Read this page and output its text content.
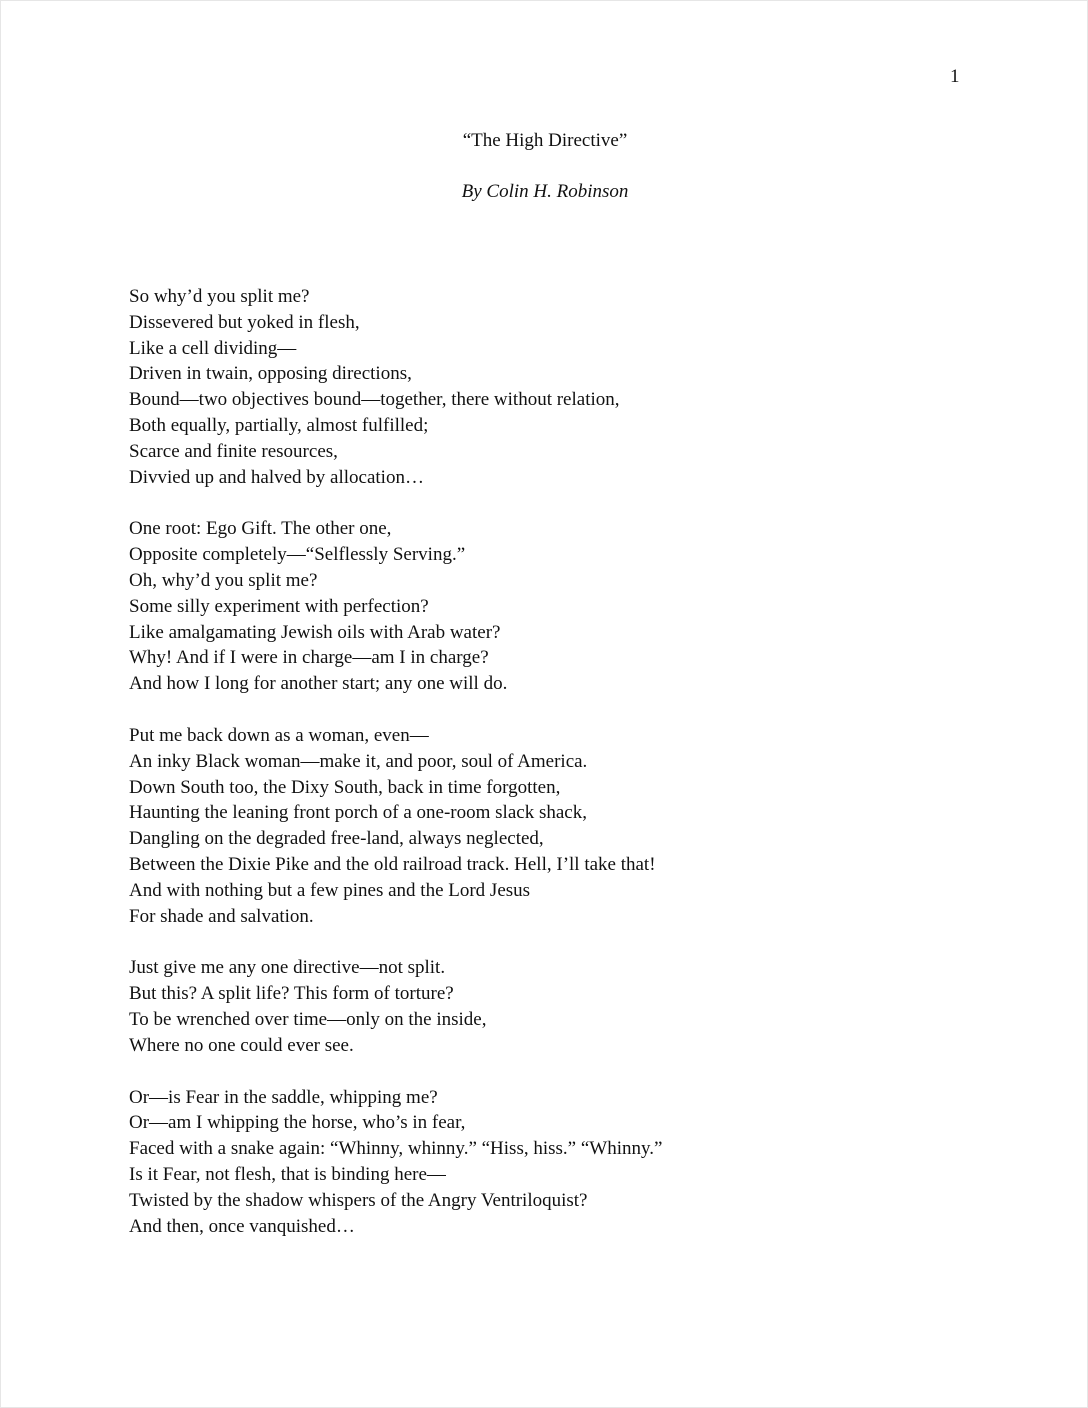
1
“The High Directive”
By Colin H. Robinson
So why’d you split me?
Dissevered but yoked in flesh,
Like a cell dividing—
Driven in twain, opposing directions,
Bound—two objectives bound—together, there without relation,
Both equally, partially, almost fulfilled;
Scarce and finite resources,
Divvied up and halved by allocation…
One root: Ego Gift. The other one,
Opposite completely—“Selflessly Serving.”
Oh, why’d you split me?
Some silly experiment with perfection?
Like amalgamating Jewish oils with Arab water?
Why! And if I were in charge—am I in charge?
And how I long for another start; any one will do.
Put me back down as a woman, even—
An inky Black woman—make it, and poor, soul of America.
Down South too, the Dixy South, back in time forgotten,
Haunting the leaning front porch of a one-room slack shack,
Dangling on the degraded free-land, always neglected,
Between the Dixie Pike and the old railroad track. Hell, I’ll take that!
And with nothing but a few pines and the Lord Jesus
For shade and salvation.
Just give me any one directive—not split.
But this? A split life? This form of torture?
To be wrenched over time—only on the inside,
Where no one could ever see.
Or—is Fear in the saddle, whipping me?
Or—am I whipping the horse, who’s in fear,
Faced with a snake again: “Whinny, whinny.” “Hiss, hiss.” “Whinny.”
Is it Fear, not flesh, that is binding here—
Twisted by the shadow whispers of the Angry Ventriloquist?
And then, once vanquished…
